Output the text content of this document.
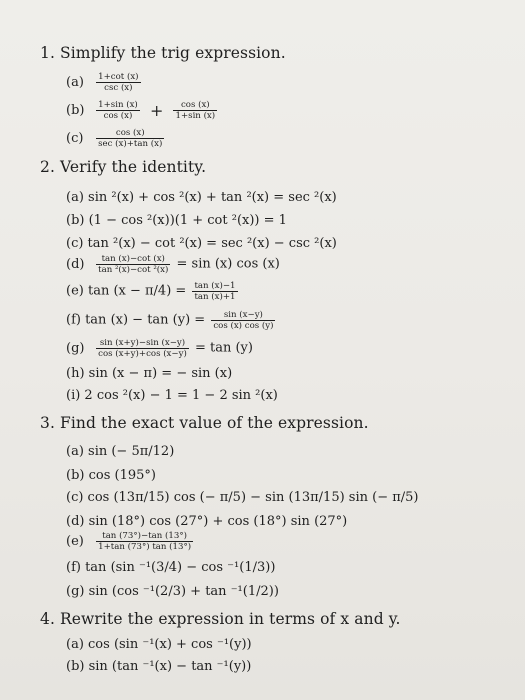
1. Simplify the trig expression.
$(a) \frac{1+\cot (x)}{\csc (x)}$
$(b) \frac{1+\sin (x)}{\cos (x)} + \frac{\cos (x)}{1+\sin (x)}$
$(c) \frac{\cos (x)}{\sec (x)+\tan (x)}$
2. Verify the identity.
(a) sin ²(x) + cos ²(x) + tan ²(x) = sec ²(x)
(b) (1 − cos ²(x))(1 + cot ²(x)) = 1
(c) tan ²(x) − cot ²(x) = sec ²(x) − csc ²(x)
$(d) \frac{\tan (x)-\cot (x)}{\text{tan ²(x)−cot ²(x)}} = \sin (x)$ cos (x)
(e) $\tan (x - \pi/4) = \frac{\tan (x)-1}{\tan (x)+1}$
(f) $\tan (x) - \tan (y) = \frac{\sin (x-y)}{\cos (x) \cos (y)}$
$(g) \frac{\sin (x+y)-\sin (x-y)}{\cos (x+y)+\cos (x-y)} = \tan (y)$
(h) sin (x − π) = − sin (x)
(i) 2 cos ²(x) − 1 = 1 − 2 sin ²(x)
3. Find the exact value of the expression.
(a) sin (− 5π/12)
(b) cos (195°)
(c) cos (13π/15) cos (− π/5) − sin (13π/15) sin (− π/5)
(d) sin (18°) cos (27°) + cos (18°) sin (27°)
$(e) \frac{\tan (73^\circ)-\tan (13^\circ)}{1+\tan (73^\circ) \tan (13^\circ)}$
(f) tan (sin ⁻¹(3/4) − cos ⁻¹(1/3))
(g) sin (cos ⁻¹(2/3) + tan ⁻¹(1/2))
4. Rewrite the expression in terms of x and y.
(a) cos (sin ⁻¹(x) + cos ⁻¹(y))
(b) sin (tan ⁻¹(x) − tan ⁻¹(y))
